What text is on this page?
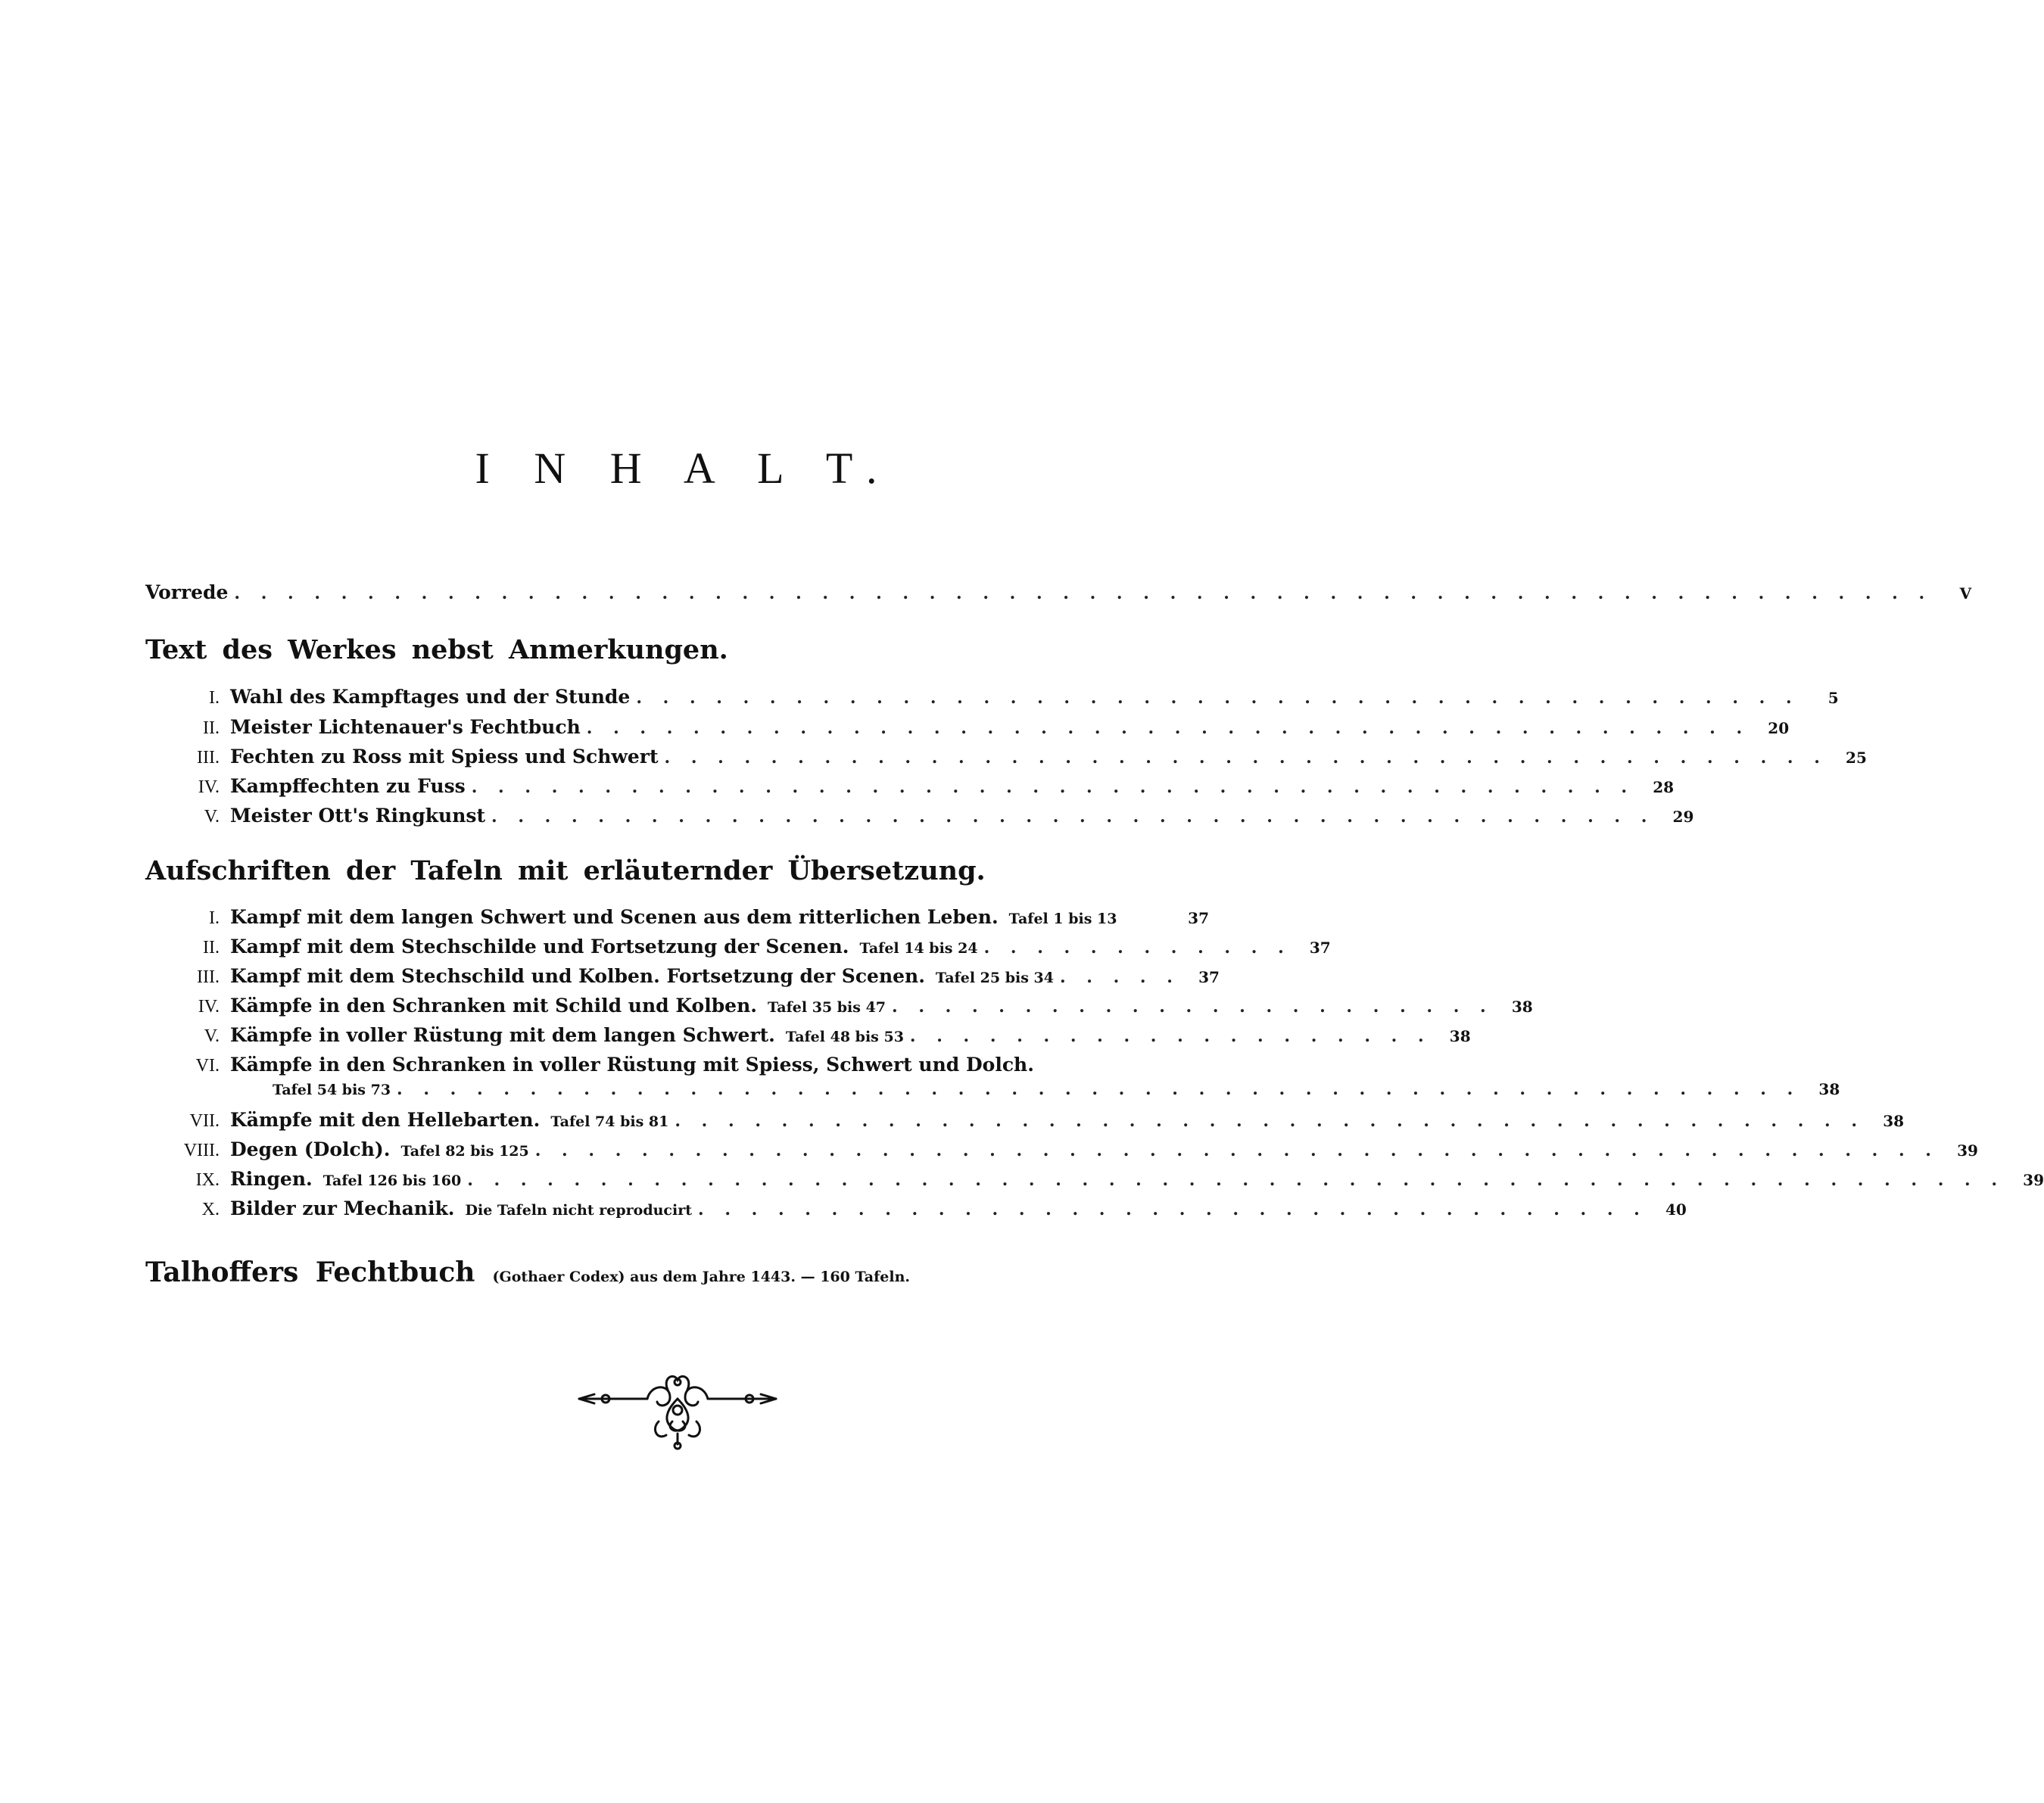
I N H A L T.
Vorrede . . . . . . . . . . . . . . . . . . . . . . . . . . . . . . . . . . . . . . . . . . . . . . . . . . . . . . . . . . . . . . . .	V
Text des Werkes nebst Anmerkungen.
I. Wahl des Kampftages und der Stunde . . . . . . . . . . . . . . . . . . . . . . . . . . . . . . . . . . . . . . . . . . . .	5
II. Meister Lichtenauer's Fechtbuch . . . . . . . . . . . . . . . . . . . . . . . . . . . . . . . . . . . . . . . . . . . .	20
III. Fechten zu Ross mit Spiess und Schwert . . . . . . . . . . . . . . . . . . . . . . . . . . . . . . . . . . . . . . . . . . . .	25
IV. Kampffechten zu Fuss . . . . . . . . . . . . . . . . . . . . . . . . . . . . . . . . . . . . . . . . . . . .	28
V. Meister Ott's Ringkunst . . . . . . . . . . . . . . . . . . . . . . . . . . . . . . . . . . . . . . . . . . . .	29
Aufschriften der Tafeln mit erläuternder Übersetzung.
I. Kampf mit dem langen Schwert und Scenen aus dem ritterlichen Leben. Tafel 1 bis 13	37
II. Kampf mit dem Stechschilde und Fortsetzung der Scenen. Tafel 14 bis 24 . . . . . . . . . . . .	37
III. Kampf mit dem Stechschild und Kolben. Fortsetzung der Scenen. Tafel 25 bis 34 . . . . .	37
IV. Kämpfe in den Schranken mit Schild und Kolben. Tafel 35 bis 47 . . . . . . . . . . . . . . . . . . . . . . .	38
V. Kämpfe in voller Rüstung mit dem langen Schwert. Tafel 48 bis 53 . . . . . . . . . . . . . . . . . . . .	38
VI. Kämpfe in den Schranken in voller Rüstung mit Spiess, Schwert und Dolch.
Tafel 54 bis 73 . . . . . . . . . . . . . . . . . . . . . . . . . . . . . . . . . . . . . . . . . . . . . . . . . . . . .	38
VII. Kämpfe mit den Hellebarten. Tafel 74 bis 81 . . . . . . . . . . . . . . . . . . . . . . . . . . . . . . . . . . . . . . . . . . . . .	38
VIII. Degen (Dolch). Tafel 82 bis 125 . . . . . . . . . . . . . . . . . . . . . . . . . . . . . . . . . . . . . . . . . . . . . . . . . . . . .	39
IX. Ringen. Tafel 126 bis 160 . . . . . . . . . . . . . . . . . . . . . . . . . . . . . . . . . . . . . . . . . . . . . . . . . . . . . . . . . .	39
X. Bilder zur Mechanik. Die Tafeln nicht reproducirt . . . . . . . . . . . . . . . . . . . . . . . . . . . . . . . . . . . .	40
Talhoffers Fechtbuch (Gothaer Codex) aus dem Jahre 1443. — 160 Tafeln.
